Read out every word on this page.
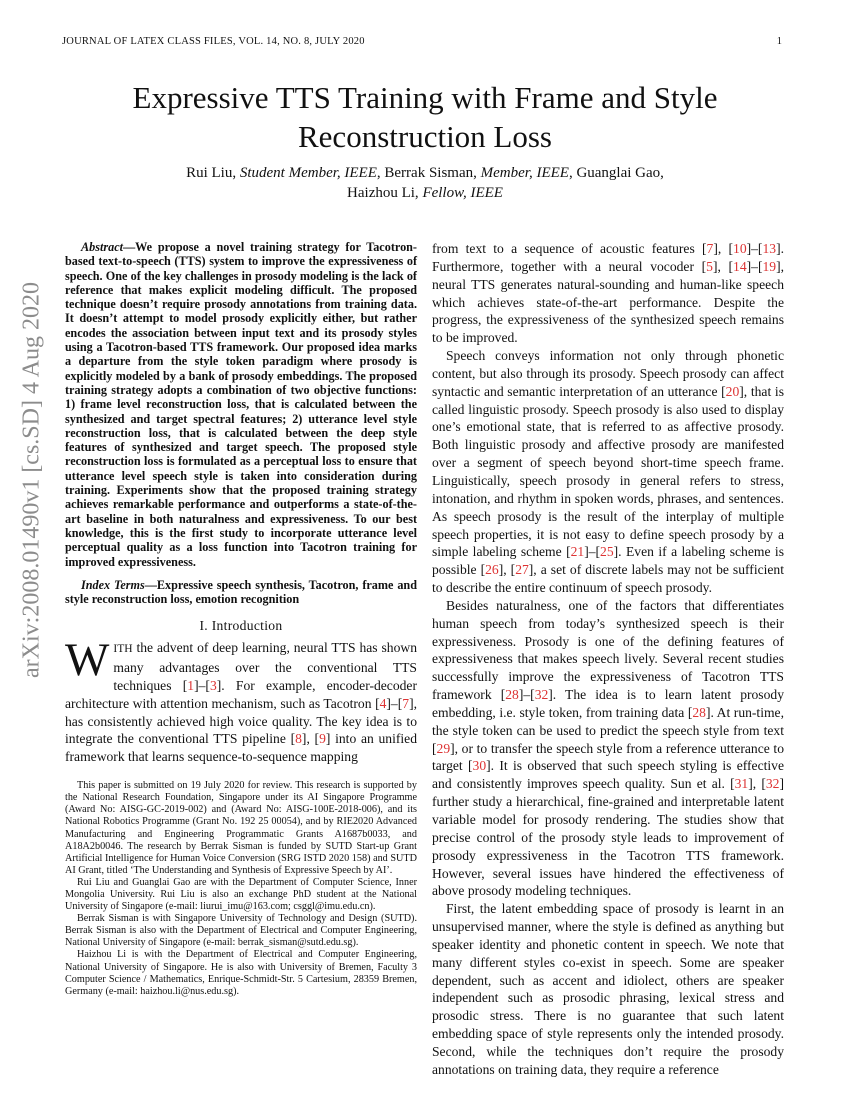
JOURNAL OF LATEX CLASS FILES, VOL. 14, NO. 8, JULY 2020	1
arXiv:2008.01490v1 [cs.SD] 4 Aug 2020
Expressive TTS Training with Frame and Style Reconstruction Loss
Rui Liu, Student Member, IEEE, Berrak Sisman, Member, IEEE, Guanglai Gao,
Haizhou Li, Fellow, IEEE

Abstract—We propose a novel training strategy for Tacotron-based text-to-speech (TTS) system to improve the expressiveness of speech. One of the key challenges in prosody modeling is the lack of reference that makes explicit modeling difficult. The proposed technique doesn’t require prosody annotations from training data. It doesn’t attempt to model prosody explicitly either, but rather encodes the association between input text and its prosody styles using a Tacotron-based TTS framework. Our proposed idea marks a departure from the style token paradigm where prosody is explicitly modeled by a bank of prosody embeddings. The proposed training strategy adopts a combination of two objective functions: 1) frame level reconstruction loss, that is calculated between the synthesized and target spectral features; 2) utterance level style reconstruction loss, that is calculated between the deep style features of synthesized and target speech. The proposed style reconstruction loss is formulated as a perceptual loss to ensure that utterance level speech style is taken into consideration during training. Experiments show that the proposed training strategy achieves remarkable performance and outperforms a state-of-the-art baseline in both naturalness and expressiveness. To our best knowledge, this is the first study to incorporate utterance level perceptual quality as a loss function into Tacotron training for improved expressiveness.

Index Terms—Expressive speech synthesis, Tacotron, frame and style reconstruction loss, emotion recognition

I. Introduction

WITH the advent of deep learning, neural TTS has shown many advantages over the conventional TTS techniques [1]–[3]. For example, encoder-decoder architecture with attention mechanism, such as Tacotron [4]–[7], has consistently achieved high voice quality. The key idea is to integrate the conventional TTS pipeline [8], [9] into an unified framework that learns sequence-to-sequence mapping

This paper is submitted on 19 July 2020 for review. This research is supported by the National Research Foundation, Singapore under its AI Singapore Programme (Award No: AISG-GC-2019-002) and (Award No: AISG-100E-2018-006), and its National Robotics Programme (Grant No. 192 25 00054), and by RIE2020 Advanced Manufacturing and Engineering Programmatic Grants A1687b0033, and A18A2b0046. The research by Berrak Sisman is funded by SUTD Start-up Grant Artificial Intelligence for Human Voice Conversion (SRG ISTD 2020 158) and SUTD AI Grant, titled ‘The Understanding and Synthesis of Expressive Speech by AI’.

Rui Liu and Guanglai Gao are with the Department of Computer Science, Inner Mongolia University. Rui Liu is also an exchange PhD student at the National University of Singapore (e-mail: liurui_imu@163.com; csggl@imu.edu.cn).

Berrak Sisman is with Singapore University of Technology and Design (SUTD). Berrak Sisman is also with the Department of Electrical and Computer Engineering, National University of Singapore (e-mail: berrak_sisman@sutd.edu.sg).

Haizhou Li is with the Department of Electrical and Computer Engineering, National University of Singapore. He is also with University of Bremen, Faculty 3 Computer Science / Mathematics, Enrique-Schmidt-Str. 5 Cartesium, 28359 Bremen, Germany (e-mail: haizhou.li@nus.edu.sg).

from text to a sequence of acoustic features [7], [10]–[13]. Furthermore, together with a neural vocoder [5], [14]–[19], neural TTS generates natural-sounding and human-like speech which achieves state-of-the-art performance. Despite the progress, the expressiveness of the synthesized speech remains to be improved.

Speech conveys information not only through phonetic content, but also through its prosody. Speech prosody can affect syntactic and semantic interpretation of an utterance [20], that is called linguistic prosody. Speech prosody is also used to display one’s emotional state, that is referred to as affective prosody. Both linguistic prosody and affective prosody are manifested over a segment of speech beyond short-time speech frame. Linguistically, speech prosody in general refers to stress, intonation, and rhythm in spoken words, phrases, and sentences. As speech prosody is the result of the interplay of multiple speech properties, it is not easy to define speech prosody by a simple labeling scheme [21]–[25]. Even if a labeling scheme is possible [26], [27], a set of discrete labels may not be sufficient to describe the entire continuum of speech prosody.

Besides naturalness, one of the factors that differentiates human speech from today’s synthesized speech is their expressiveness. Prosody is one of the defining features of expressiveness that makes speech lively. Several recent studies successfully improve the expressiveness of Tacotron TTS framework [28]–[32]. The idea is to learn latent prosody embedding, i.e. style token, from training data [28]. At run-time, the style token can be used to predict the speech style from text [29], or to transfer the speech style from a reference utterance to target [30]. It is observed that such speech styling is effective and consistently improves speech quality. Sun et al. [31], [32] further study a hierarchical, fine-grained and interpretable latent variable model for prosody rendering. The studies show that precise control of the prosody style leads to improvement of prosody expressiveness in the Tacotron TTS framework. However, several issues have hindered the effectiveness of above prosody modeling techniques.

First, the latent embedding space of prosody is learnt in an unsupervised manner, where the style is defined as anything but speaker identity and phonetic content in speech. We note that many different styles co-exist in speech. Some are speaker dependent, such as accent and idiolect, others are speaker independent such as prosodic phrasing, lexical stress and prosodic stress. There is no guarantee that such latent embedding space of style represents only the intended prosody. Second, while the techniques don’t require the prosody annotations on training data, they require a reference
